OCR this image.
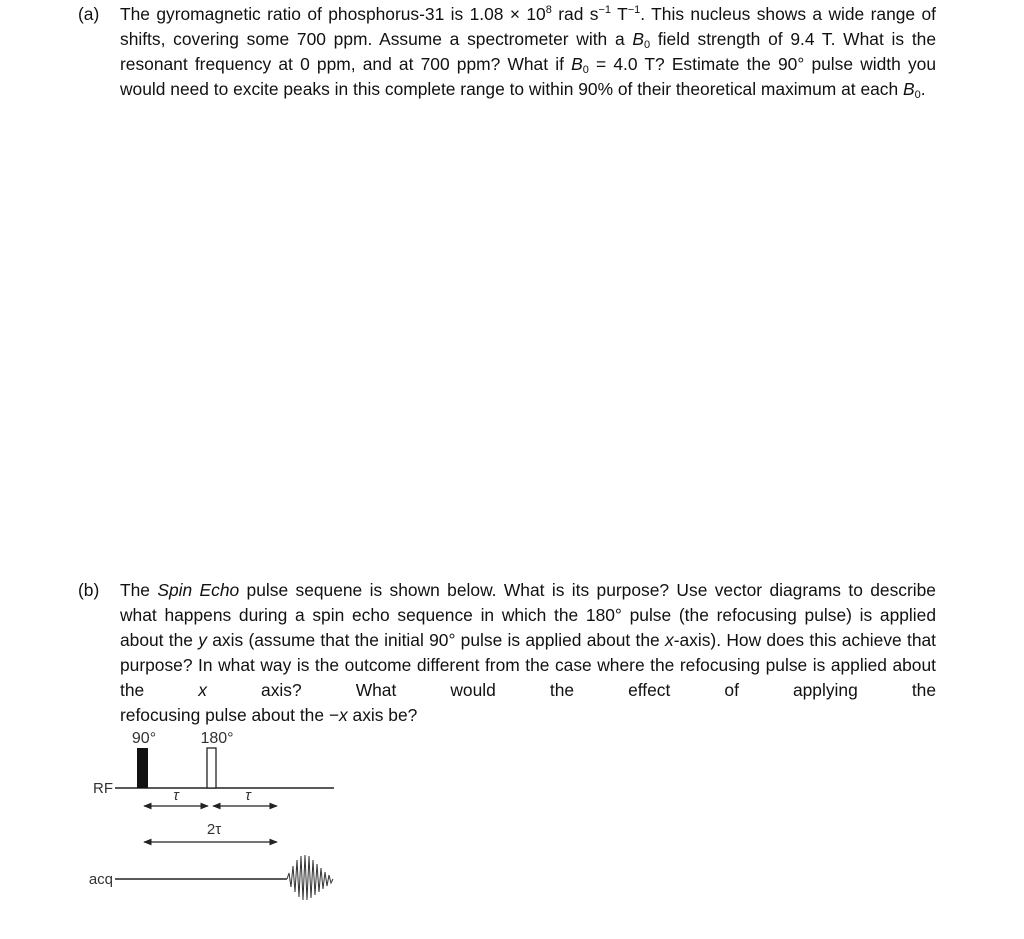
(a)	The gyromagnetic ratio of phosphorus-31 is $1.08 \times 10^8$ rad $s^{-1}$ $T^{-1}$. This nucleus shows a wide range of shifts, covering some 700 ppm. Assume a spectrometer with a $B_0$ field strength of 9.4 T. What is the resonant frequency at 0 ppm, and at 700 ppm? What if $B_0 = 4.0$ T? Estimate the 90° pulse width you would need to excite peaks in this complete range to within 90% of their theoretical maximum at each $B_0$.
(b)	The Spin Echo pulse sequene is shown below. What is its purpose? Use vector diagrams to describe what happens during a spin echo sequence in which the 180° pulse (the refocusing pulse) is applied about the y axis (assume that the initial 90° pulse is applied about the x-axis). How does this achieve that purpose? In what way is the outcome different from the case where the refocusing pulse is applied about the x axis? What would the effect of applying the
refocusing pulse about the −x axis be?
90°	180°
RF	τ	τ
2τ
acq
